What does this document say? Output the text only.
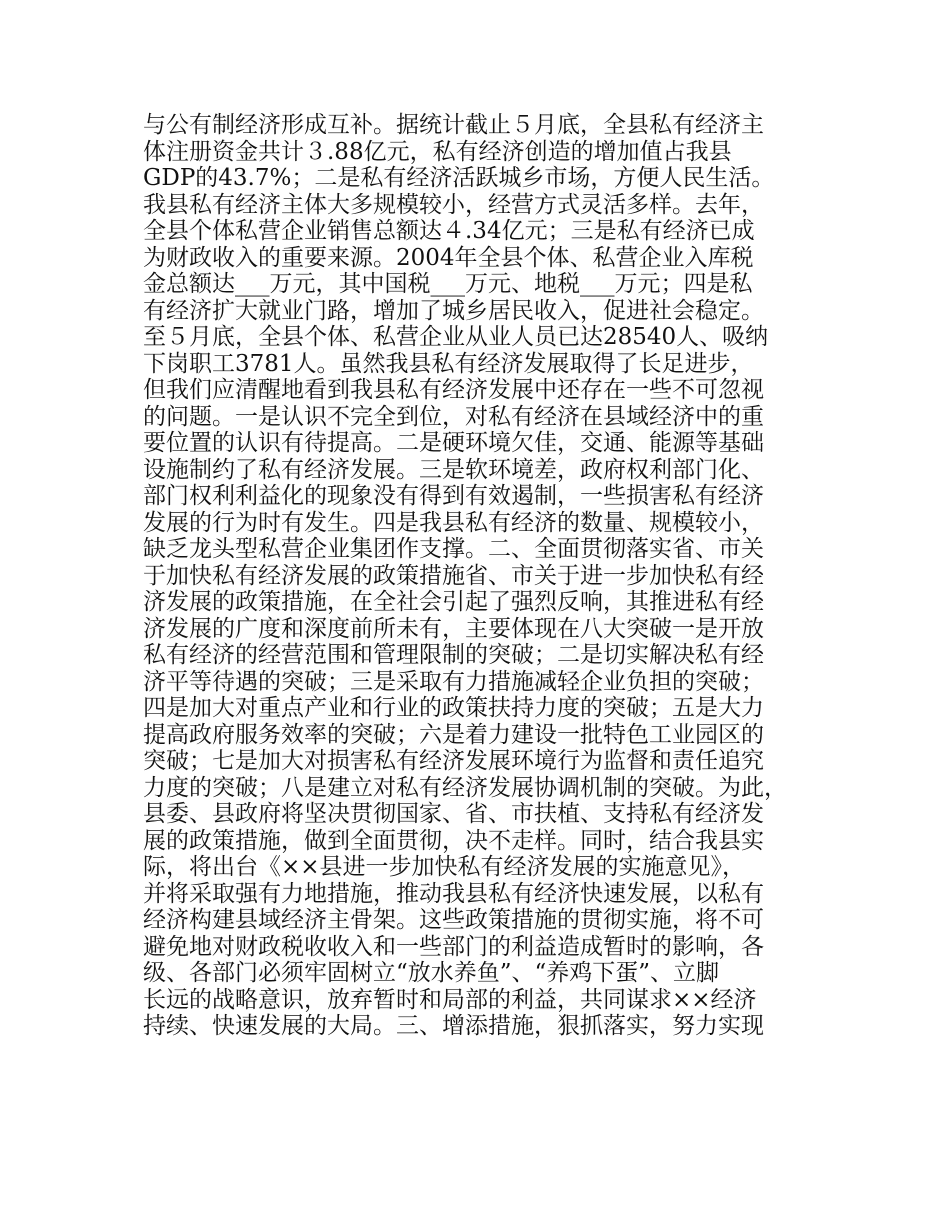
与公有制经济形成互补。据统计截止５月底，全县私有经济主
体注册资金共计３.88亿元，私有经济创造的增加值占我县
GDP的43.7%；二是私有经济活跃城乡市场，方便人民生活。
我县私有经济主体大多规模较小，经营方式灵活多样。去年，
全县个体私营企业销售总额达４.34亿元；三是私有经济已成
为财政收入的重要来源。2004年全县个体、私营企业入库税
金总额达___万元，其中国税___万元、地税___万元；四是私
有经济扩大就业门路，增加了城乡居民收入，促进社会稳定。
至５月底，全县个体、私营企业从业人员已达28540人、吸纳
下岗职工3781人。虽然我县私有经济发展取得了长足进步，
但我们应清醒地看到我县私有经济发展中还存在一些不可忽视
的问题。一是认识不完全到位，对私有经济在县域经济中的重
要位置的认识有待提高。二是硬环境欠佳，交通、能源等基础
设施制约了私有经济发展。三是软环境差，政府权利部门化、
部门权利利益化的现象没有得到有效遏制，一些损害私有经济
发展的行为时有发生。四是我县私有经济的数量、规模较小，
缺乏龙头型私营企业集团作支撑。二、全面贯彻落实省、市关
于加快私有经济发展的政策措施省、市关于进一步加快私有经
济发展的政策措施，在全社会引起了强烈反响，其推进私有经
济发展的广度和深度前所未有，主要体现在八大突破一是开放
私有经济的经营范围和管理限制的突破；二是切实解决私有经
济平等待遇的突破；三是采取有力措施减轻企业负担的突破；
四是加大对重点产业和行业的政策扶持力度的突破；五是大力
提高政府服务效率的突破；六是着力建设一批特色工业园区的
突破；七是加大对损害私有经济发展环境行为监督和责任追究
力度的突破；八是建立对私有经济发展协调机制的突破。为此，
县委、县政府将坚决贯彻国家、省、市扶植、支持私有经济发
展的政策措施，做到全面贯彻，决不走样。同时，结合我县实
际，将出台《××县进一步加快私有经济发展的实施意见》，
并将采取强有力地措施，推动我县私有经济快速发展，以私有
经济构建县域经济主骨架。这些政策措施的贯彻实施，将不可
避免地对财政税收收入和一些部门的利益造成暂时的影响，各
级、各部门必须牢固树立“放水养鱼”、“养鸡下蛋”、立脚
长远的战略意识，放弃暂时和局部的利益，共同谋求××经济
持续、快速发展的大局。三、增添措施，狠抓落实，努力实现
